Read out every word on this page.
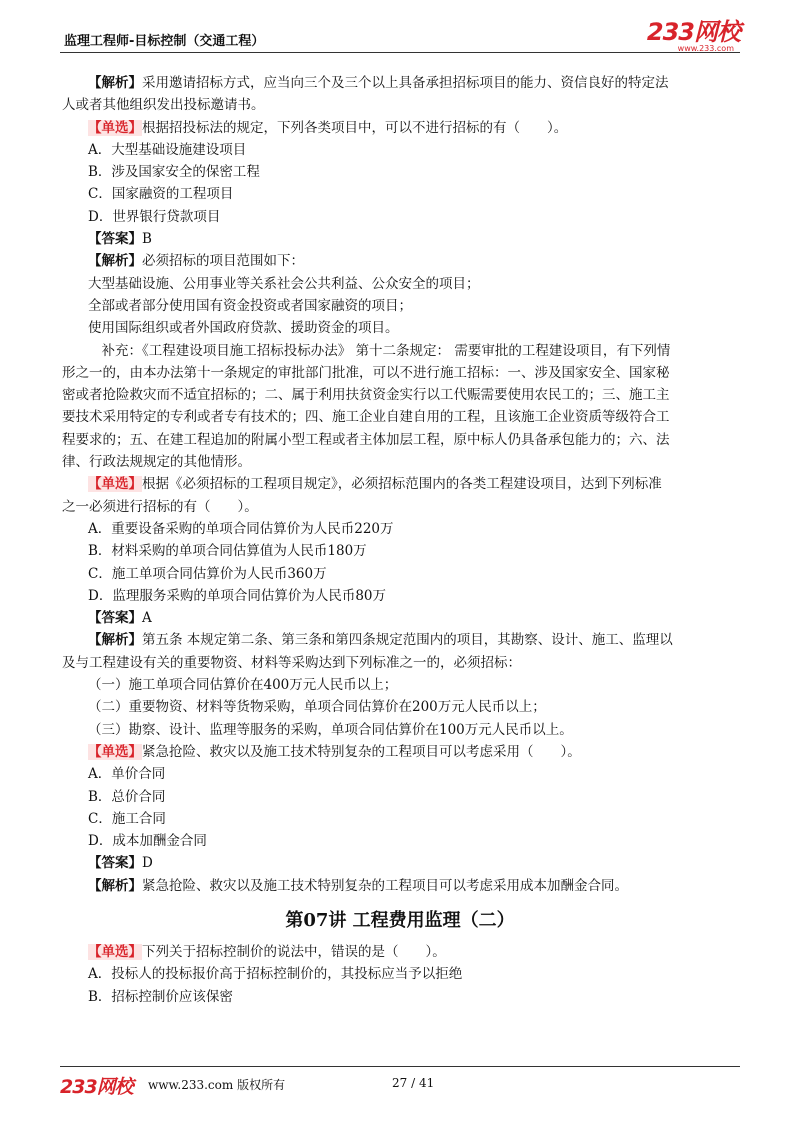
监理工程师-目标控制（交通工程）	233网校
www.233.com
【解析】采用邀请招标方式，应当向三个及三个以上具备承担招标项目的能力、资信良好的特定法
人或者其他组织发出投标邀请书。
【单选】根据招投标法的规定，下列各类项目中，可以不进行招标的有（　　）。
A．大型基础设施建设项目
B．涉及国家安全的保密工程
C．国家融资的工程项目
D．世界银行贷款项目
【答案】B
【解析】必须招标的项目范围如下：
大型基础设施、公用事业等关系社会公共利益、公众安全的项目；
全部或者部分使用国有资金投资或者国家融资的项目；
使用国际组织或者外国政府贷款、援助资金的项目。
　补充：《工程建设项目施工招标投标办法》 第十二条规定： 需要审批的工程建设项目，有下列情
形之一的，由本办法第十一条规定的审批部门批准，可以不进行施工招标：一、涉及国家安全、国家秘
密或者抢险救灾而不适宜招标的；二、属于利用扶贫资金实行以工代赈需要使用农民工的；三、施工主
要技术采用特定的专利或者专有技术的；四、施工企业自建自用的工程，且该施工企业资质等级符合工
程要求的；五、在建工程追加的附属小型工程或者主体加层工程，原中标人仍具备承包能力的；六、法
律、行政法规规定的其他情形。
【单选】根据《必须招标的工程项目规定》，必须招标范围内的各类工程建设项目，达到下列标准
之一必须进行招标的有（　　）。
A．重要设备采购的单项合同估算价为人民币220万
B．材料采购的单项合同估算值为人民币180万
C．施工单项合同估算价为人民币360万
D．监理服务采购的单项合同估算价为人民币80万
【答案】A
【解析】第五条 本规定第二条、第三条和第四条规定范围内的项目，其勘察、设计、施工、监理以
及与工程建设有关的重要物资、材料等采购达到下列标准之一的，必须招标：
（一）施工单项合同估算价在400万元人民币以上；
（二）重要物资、材料等货物采购，单项合同估算价在200万元人民币以上；
（三）勘察、设计、监理等服务的采购，单项合同估算价在100万元人民币以上。
【单选】紧急抢险、救灾以及施工技术特别复杂的工程项目可以考虑采用（　　）。
A．单价合同
B．总价合同
C．施工合同
D．成本加酬金合同
【答案】D
【解析】紧急抢险、救灾以及施工技术特别复杂的工程项目可以考虑采用成本加酬金合同。
第07讲 工程费用监理（二）
【单选】下列关于招标控制价的说法中，错误的是（　　）。
A．投标人的投标报价高于招标控制价的，其投标应当予以拒绝
B．招标控制价应该保密
233网校 www.233.com 版权所有	27 / 41
